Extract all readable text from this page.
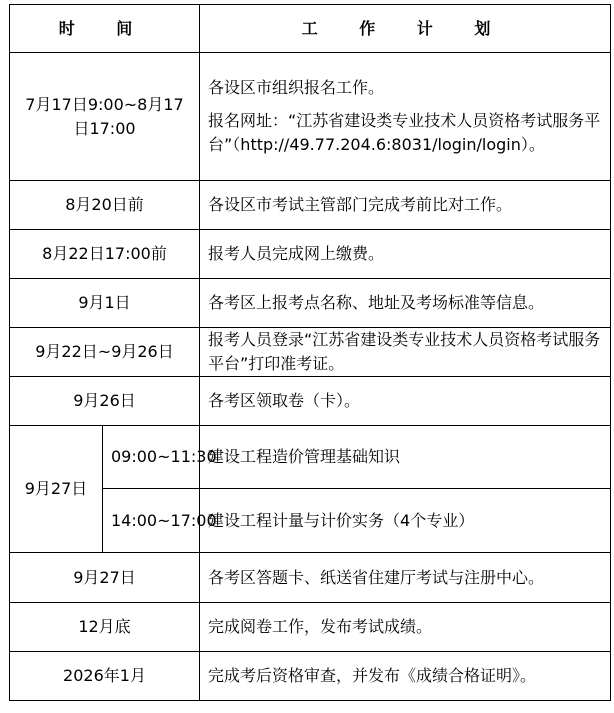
时 间		工 作 计 划
7月17日9:00~8月17日17:00		各设区市组织报名工作。

报名网址：“江苏省建设类专业技术人员资格考试服务平台”（http://49.77.204.6:8031/login/login）。

8月20日前		各设区市考试主管部门完成考前比对工作。
8月22日17:00前		报考人员完成网上缴费。
9月1日		各考区上报考点名称、地址及考场标准等信息。
9月22日~9月26日		报考人员登录“江苏省建设类专业技术人员资格考试服务平台”打印准考证。
9月26日		各考区领取卷（卡）。
9月27日	09:00~11:30	建设工程造价管理基础知识
	14:00~17:00	建设工程计量与计价实务（4个专业）
9月27日		各考区答题卡、纸送省住建厅考试与注册中心。
12月底		完成阅卷工作，发布考试成绩。
2026年1月		完成考后资格审查，并发布《成绩合格证明》。
